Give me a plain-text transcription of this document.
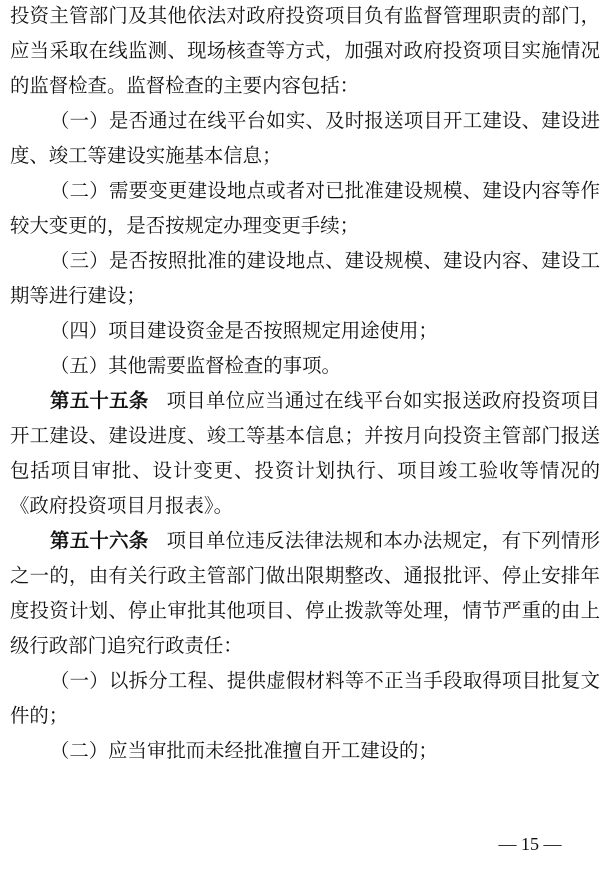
投资主管部门及其他依法对政府投资项目负有监督管理职责的部门，应当采取在线监测、现场核查等方式，加强对政府投资项目实施情况的监督检查。监督检查的主要内容包括：

（一）是否通过在线平台如实、及时报送项目开工建设、建设进度、竣工等建设实施基本信息；

（二）需要变更建设地点或者对已批准建设规模、建设内容等作较大变更的，是否按规定办理变更手续；

（三）是否按照批准的建设地点、建设规模、建设内容、建设工期等进行建设；

（四）项目建设资金是否按照规定用途使用；

（五）其他需要监督检查的事项。

第五十五条 项目单位应当通过在线平台如实报送政府投资项目开工建设、建设进度、竣工等基本信息；并按月向投资主管部门报送包括项目审批、设计变更、投资计划执行、项目竣工验收等情况的《政府投资项目月报表》。

第五十六条 项目单位违反法律法规和本办法规定，有下列情形之一的，由有关行政主管部门做出限期整改、通报批评、停止安排年度投资计划、停止审批其他项目、停止拨款等处理，情节严重的由上级行政部门追究行政责任：

（一）以拆分工程、提供虚假材料等不正当手段取得项目批复文件的；

（二）应当审批而未经批准擅自开工建设的；

— 15 —
